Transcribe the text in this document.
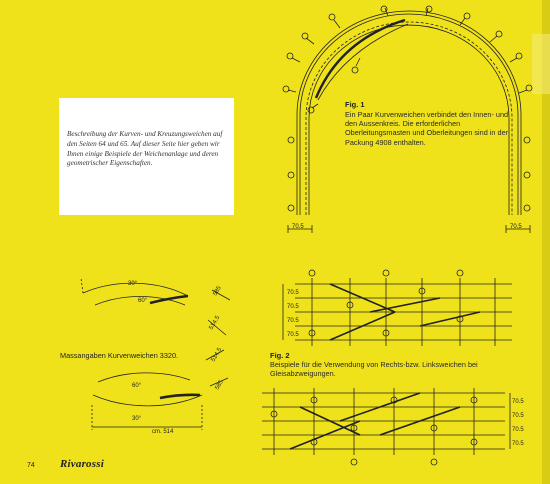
Beschreibung der Kurven- und Kreuzungsweichen auf den Seiten 64 und 65. Auf dieser Seite hier geben wir Ihnen einige Beispiele der Weichenanlage und deren geometrischer Eigenschaften.
70.5	70.5
70.5
70.5
70.5
70.5
70.5
70.5
70.5
70.5
30°
60°
60°
30°
cm. 514
585
514.5
514.5
585
Fig. 1
Ein Paar Kurvenweichen verbindet den Innen- und den Aussenkreis. Die erforderlichen Oberleitungsmasten und Oberleitungen sind in der Packung 4908 enthalten.
Fig. 2
Beispiele für die Verwendung von Rechts-bzw. Linksweichen bei Gleisabzweigungen.
Massangaben Kurvenweichen 3320.
74 Rivarossi
